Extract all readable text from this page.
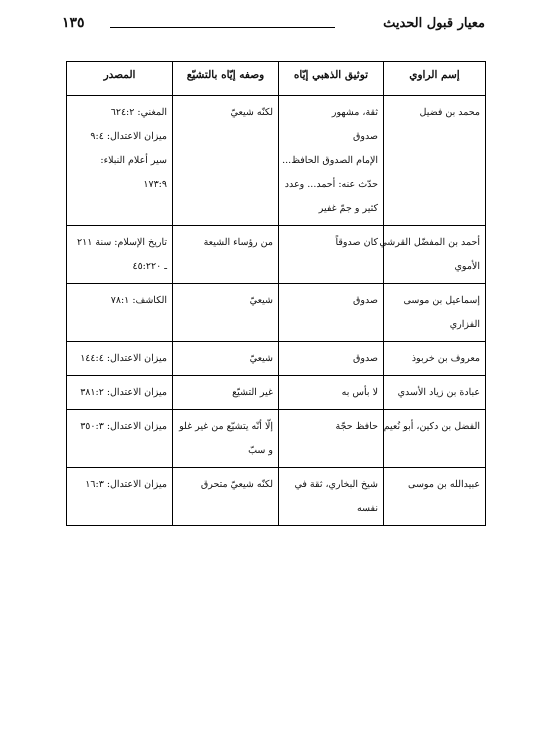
معيار قبول الحديث
١٣٥
إسم الراوي	توثيق الذهبي إيّاه	وصفه إيّاه بالتشيّع	المصدر

محمد بن فضيل	ثقة، مشهور
صدوق
الإمام الصدوق الحافظ...
حدّث عنه: أحمد... وعدد
كثير و جمّ غفير	لكنّه شيعيّ	المغني: ٦٢٤:٢
ميزان الاعتدال: ٩:٤
سير أعلام النبلاء:
١٧٣:٩

أحمد بن المفضّل القرشي
الأموي	كان صدوقاً	من رؤساء الشيعة	تاريخ الإسلام: سنة ٢١١
ـ ٤٥:٢٢٠

إسماعيل بن موسى
الفزاري	صدوق	شيعيّ	الكاشف: ٧٨:١

معروف بن خربوذ	صدوق	شيعيّ	ميزان الاعتدال: ١٤٤:٤

عبادة بن زياد الأسدي	لا بأس به	غير التشيّع	ميزان الاعتدال: ٣٨١:٢

الفضل بن دكين، أبو نُعيم	حافظ حجّة	إلّا أنّه يتشيّع من غير غلو
و سبّ	ميزان الاعتدال: ٣٥٠:٣

عبيدالله بن موسى	شيخ البخاري، ثقة في
نفسه	لكنّه شيعيّ متحرق	ميزان الاعتدال: ١٦:٣
